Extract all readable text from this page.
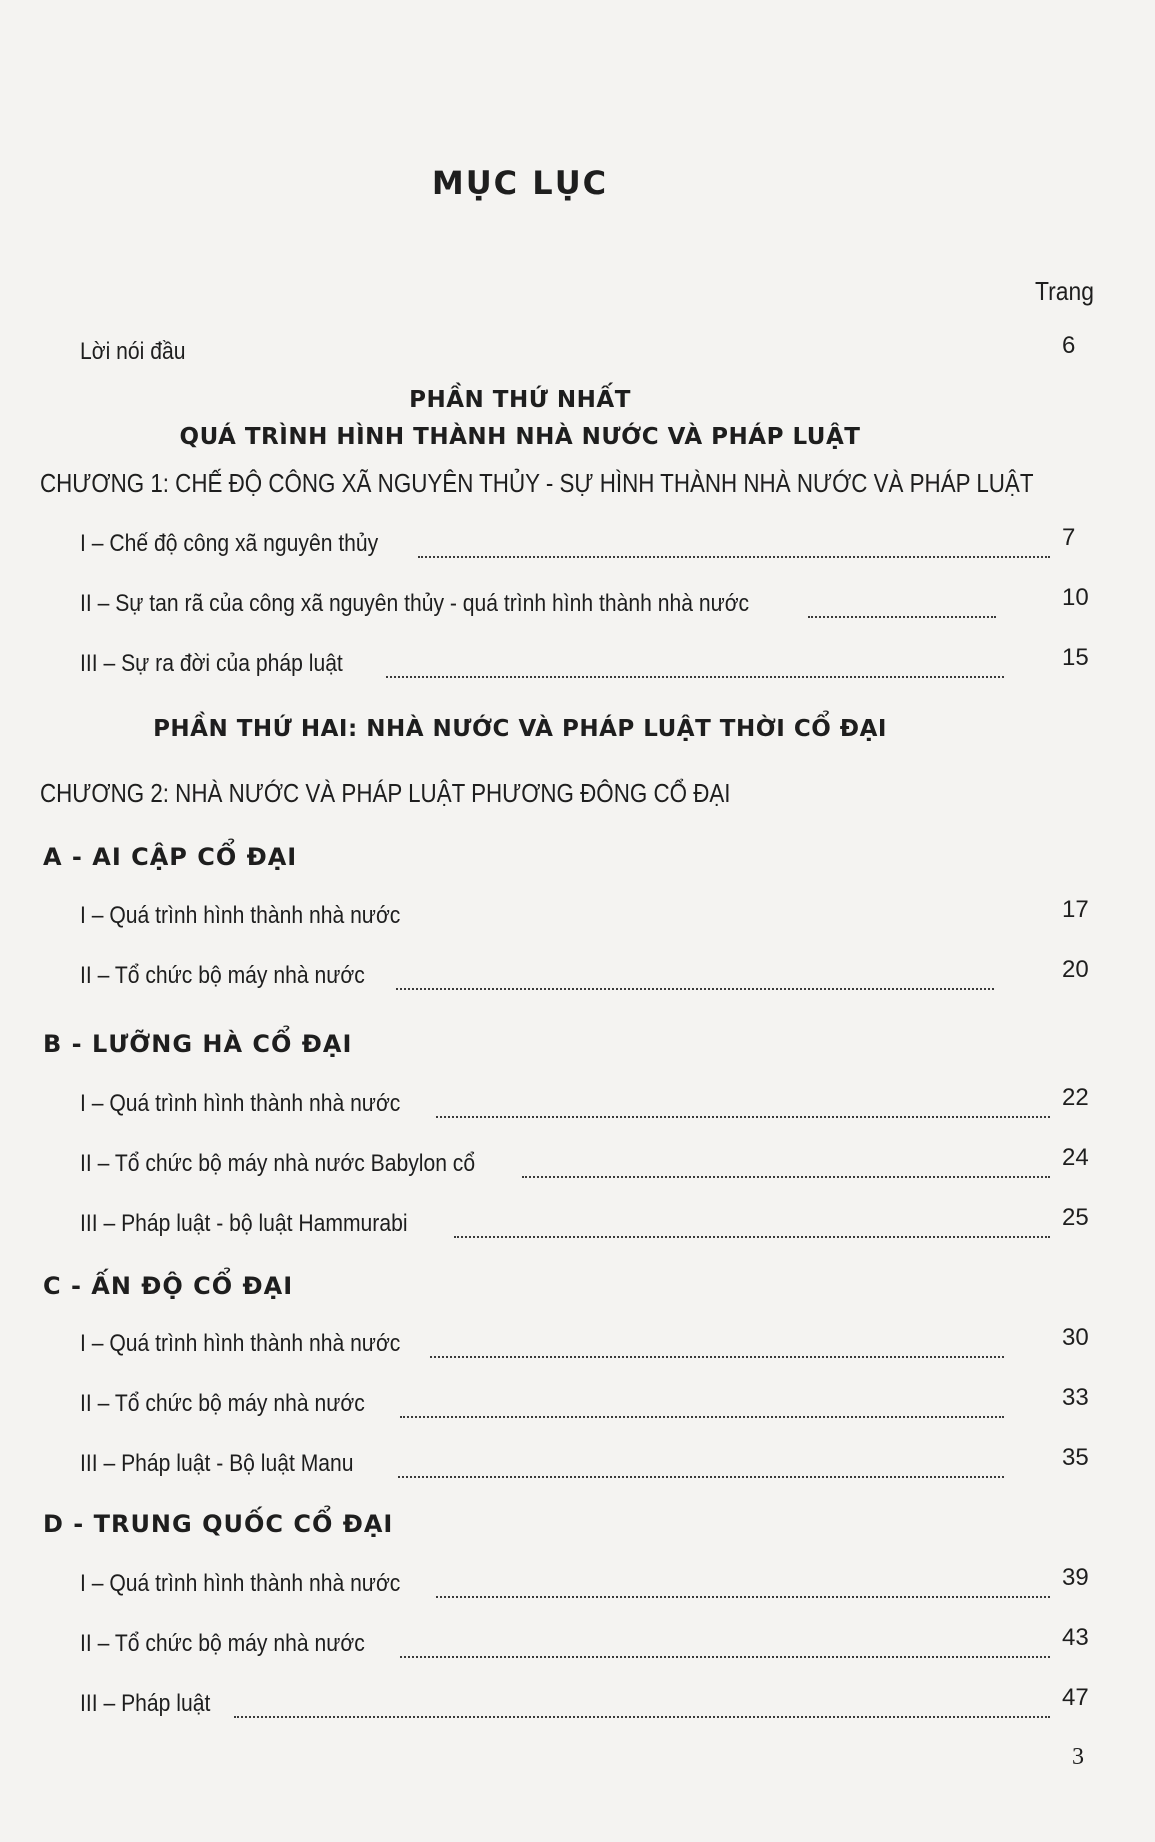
MỤC LỤC
Trang
Lời nói đầu	6
PHẦN THỨ NHẤT
QUÁ TRÌNH HÌNH THÀNH NHÀ NƯỚC VÀ PHÁP LUẬT
CHƯƠNG 1: CHẾ ĐỘ CÔNG XÃ NGUYÊN THỦY - SỰ HÌNH THÀNH NHÀ NƯỚC VÀ PHÁP LUẬT
I – Chế độ công xã nguyên thủy	7
II – Sự tan rã của công xã nguyên thủy - quá trình hình thành nhà nước	10
III – Sự ra đời của pháp luật	15
PHẦN THỨ HAI: NHÀ NƯỚC VÀ PHÁP LUẬT THỜI CỔ ĐẠI
CHƯƠNG 2: NHÀ NƯỚC VÀ PHÁP LUẬT PHƯƠNG ĐÔNG CỔ ĐẠI
A - AI CẬP CỔ ĐẠI
I – Quá trình hình thành nhà nước	17
II – Tổ chức bộ máy nhà nước	20
B - LƯỠNG HÀ CỔ ĐẠI
I – Quá trình hình thành nhà nước	22
II – Tổ chức bộ máy nhà nước Babylon cổ	24
III – Pháp luật - bộ luật Hammurabi	25
C - ẤN ĐỘ CỔ ĐẠI
I – Quá trình hình thành nhà nước	30
II – Tổ chức bộ máy nhà nước	33
III – Pháp luật - Bộ luật Manu	35
D - TRUNG QUỐC CỔ ĐẠI
I – Quá trình hình thành nhà nước	39
II – Tổ chức bộ máy nhà nước	43
III – Pháp luật	47
3
